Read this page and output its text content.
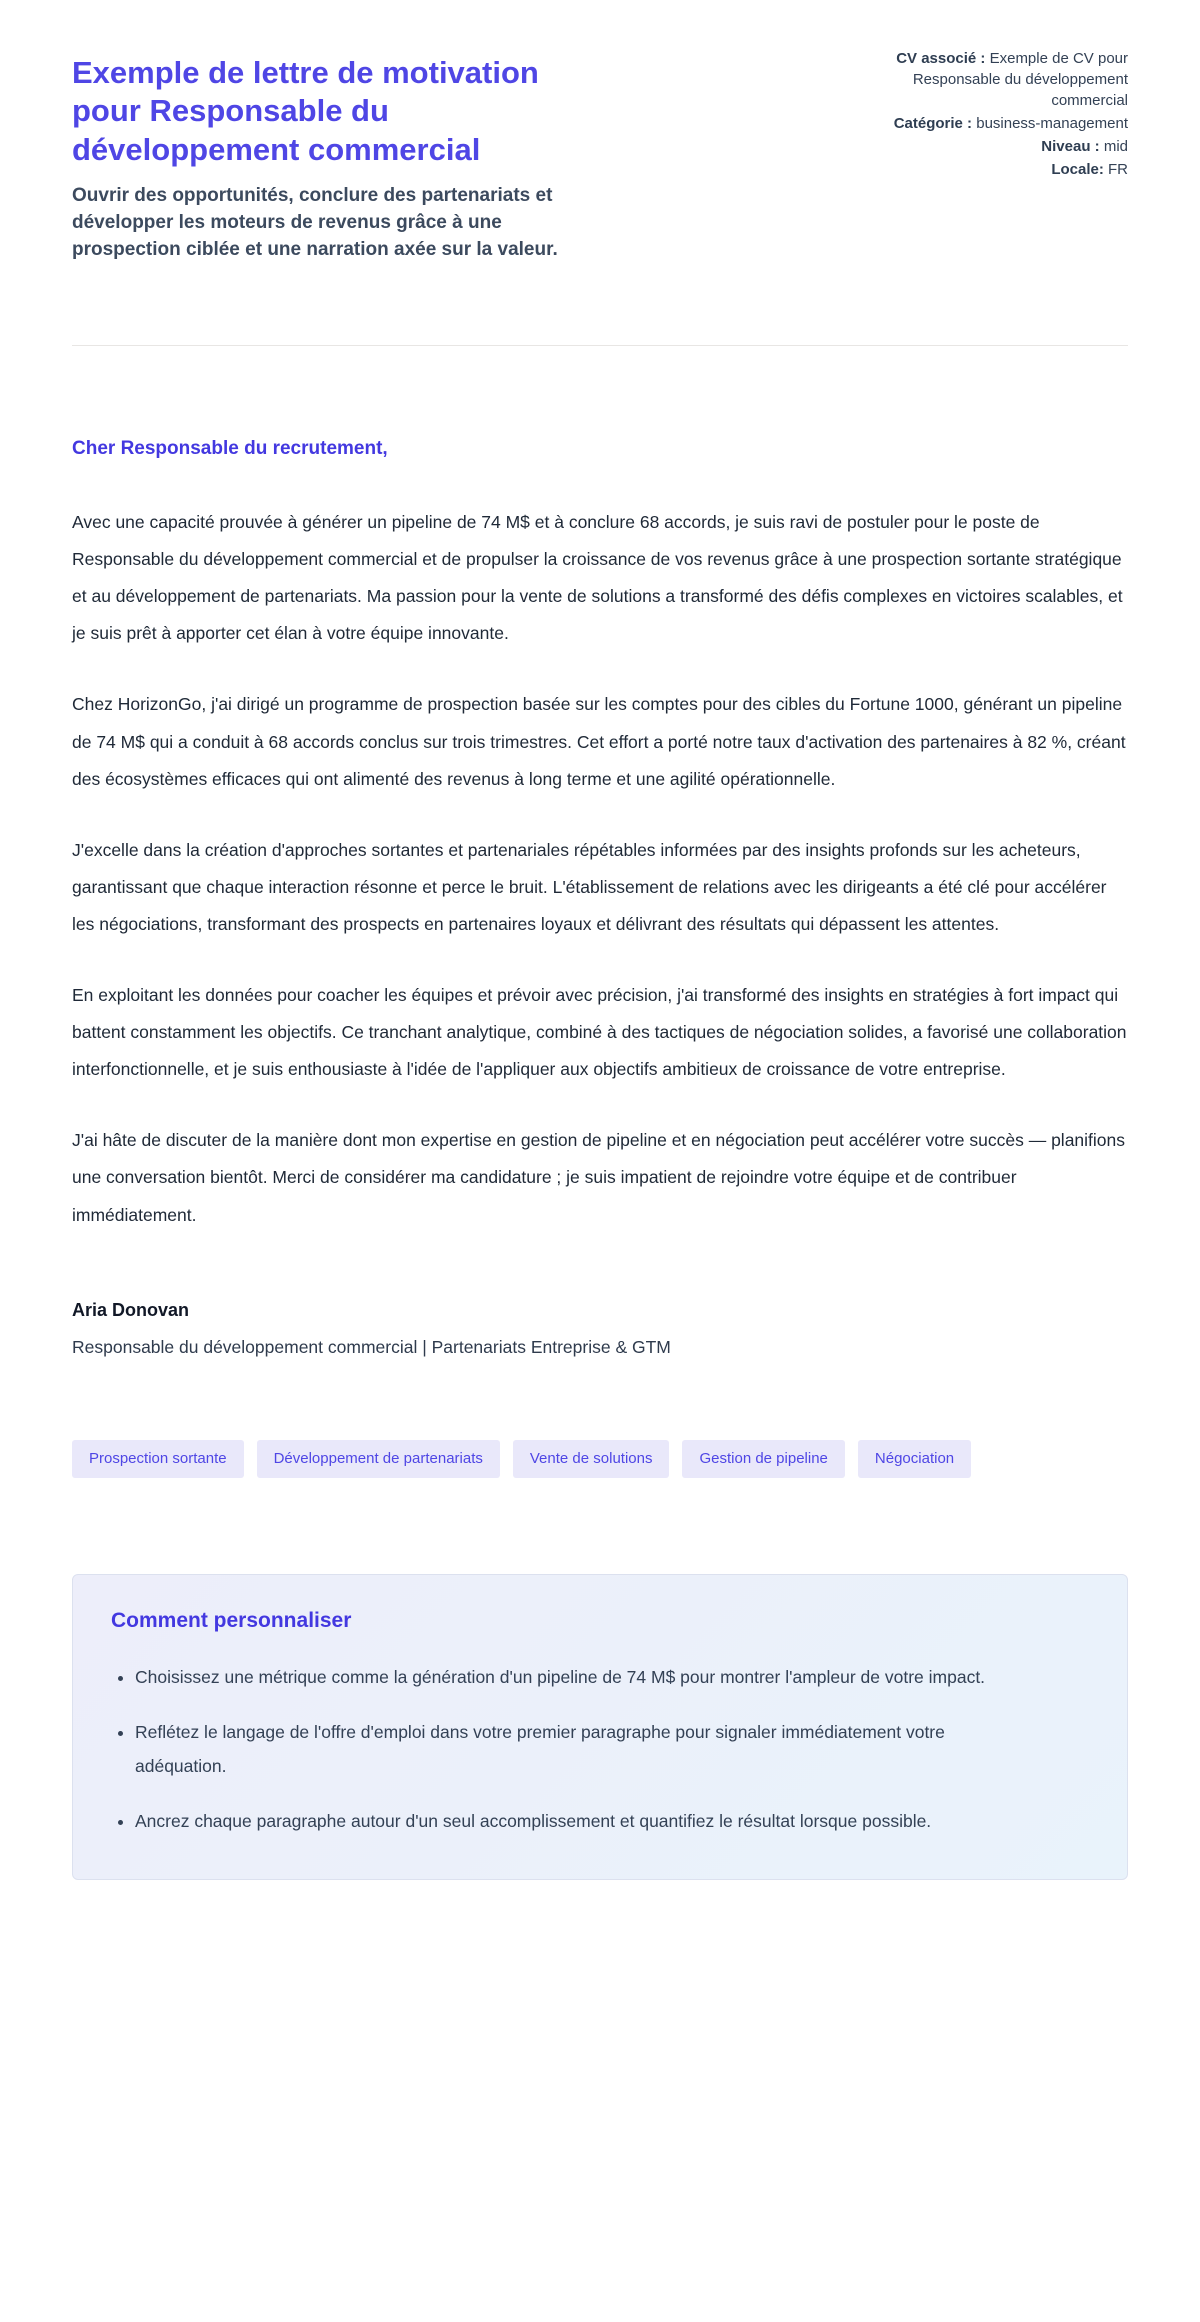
Exemple de lettre de motivation pour Responsable du développement commercial
Ouvrir des opportunités, conclure des partenariats et développer les moteurs de revenus grâce à une prospection ciblée et une narration axée sur la valeur.
CV associé : Exemple de CV pour Responsable du développement commercial
Catégorie : business-management
Niveau : mid
Locale: FR
Cher Responsable du recrutement,

Avec une capacité prouvée à générer un pipeline de 74 M$ et à conclure 68 accords, je suis ravi de postuler pour le poste de Responsable du développement commercial et de propulser la croissance de vos revenus grâce à une prospection sortante stratégique et au développement de partenariats. Ma passion pour la vente de solutions a transformé des défis complexes en victoires scalables, et je suis prêt à apporter cet élan à votre équipe innovante.

Chez HorizonGo, j'ai dirigé un programme de prospection basée sur les comptes pour des cibles du Fortune 1000, générant un pipeline de 74 M$ qui a conduit à 68 accords conclus sur trois trimestres. Cet effort a porté notre taux d'activation des partenaires à 82 %, créant des écosystèmes efficaces qui ont alimenté des revenus à long terme et une agilité opérationnelle.

J'excelle dans la création d'approches sortantes et partenariales répétables informées par des insights profonds sur les acheteurs, garantissant que chaque interaction résonne et perce le bruit. L'établissement de relations avec les dirigeants a été clé pour accélérer les négociations, transformant des prospects en partenaires loyaux et délivrant des résultats qui dépassent les attentes.

En exploitant les données pour coacher les équipes et prévoir avec précision, j'ai transformé des insights en stratégies à fort impact qui battent constamment les objectifs. Ce tranchant analytique, combiné à des tactiques de négociation solides, a favorisé une collaboration interfonctionnelle, et je suis enthousiaste à l'idée de l'appliquer aux objectifs ambitieux de croissance de votre entreprise.

J'ai hâte de discuter de la manière dont mon expertise en gestion de pipeline et en négociation peut accélérer votre succès — planifions une conversation bientôt. Merci de considérer ma candidature ; je suis impatient de rejoindre votre équipe et de contribuer immédiatement.

Aria Donovan
Responsable du développement commercial | Partenariats Entreprise & GTM
Prospection sortante	Développement de partenariats	Vente de solutions	Gestion de pipeline	Négociation
Comment personnaliser
• Choisissez une métrique comme la génération d'un pipeline de 74 M$ pour montrer l'ampleur de votre impact.
• Reflétez le langage de l'offre d'emploi dans votre premier paragraphe pour signaler immédiatement votre adéquation.
• Ancrez chaque paragraphe autour d'un seul accomplissement et quantifiez le résultat lorsque possible.
